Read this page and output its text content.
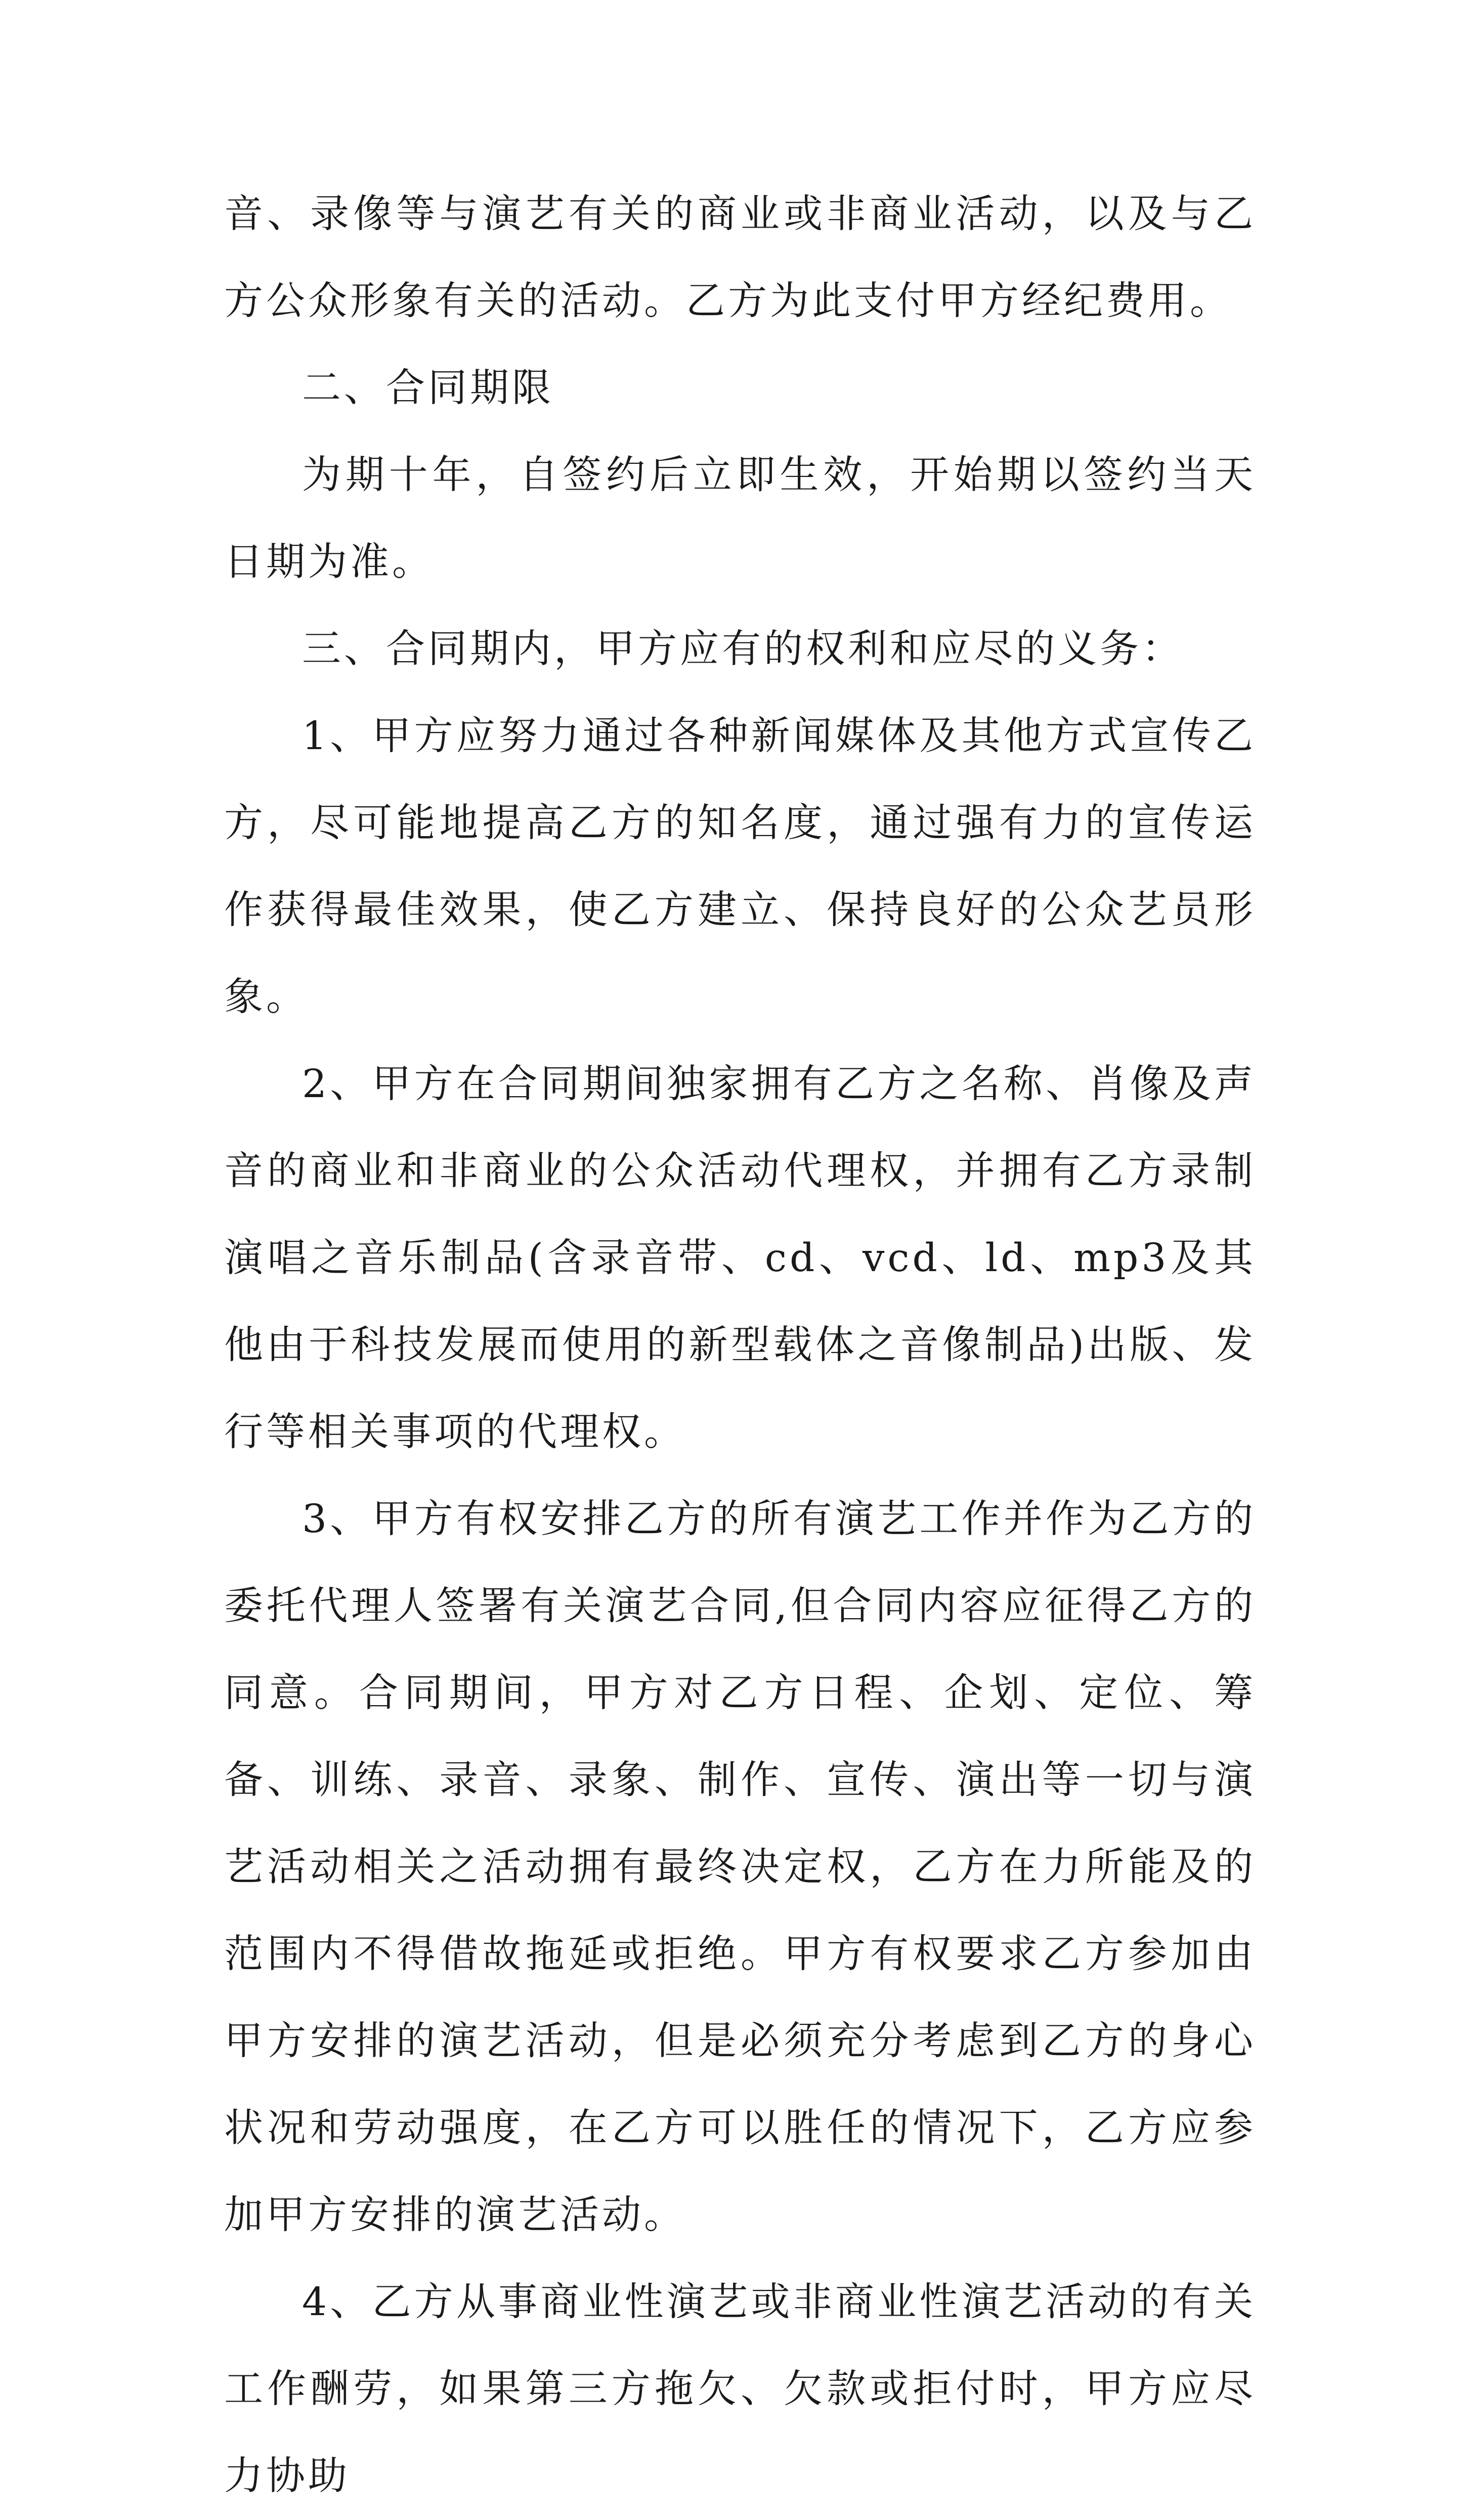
音、录像等与演艺有关的商业或非商业活动，以及与乙方公众形象有关的活动。乙方为此支付甲方经纪费用。

二、合同期限

为期十年，自签约后立即生效，开始期以签约当天日期为准。

三、合同期内，甲方应有的权利和应尽的义务：

1、甲方应努力通过各种新闻媒体及其他方式宣传乙方，尽可能地提高乙方的知名度，通过强有力的宣传运作获得最佳效果，使乙方建立、保持良好的公众艺员形象。

2、甲方在合同期间独家拥有乙方之名称、肖像及声音的商业和非商业的公众活动代理权，并拥有乙方录制演唱之音乐制品(含录音带、cd、vcd、ld、mp3及其他由于科技发展而使用的新型载体之音像制品)出版、发行等相关事项的代理权。

3、甲方有权安排乙方的所有演艺工作并作为乙方的委托代理人签署有关演艺合同,但合同内容应征得乙方的同意。合同期间，甲方对乙方日程、企划、定位、筹备、训练、录音、录象、制作、宣传、演出等一切与演艺活动相关之活动拥有最终决定权，乙方在力所能及的范围内不得借故拖延或拒绝。甲方有权要求乙方参加由甲方安排的演艺活动，但是必须充分考虑到乙方的身心状况和劳动强度，在乙方可以胜任的情况下，乙方应参加甲方安排的演艺活动。

4、乙方从事商业性演艺或非商业性演艺活动的有关工作酬劳，如果第三方拖欠、欠款或拒付时，甲方应尽力协助
